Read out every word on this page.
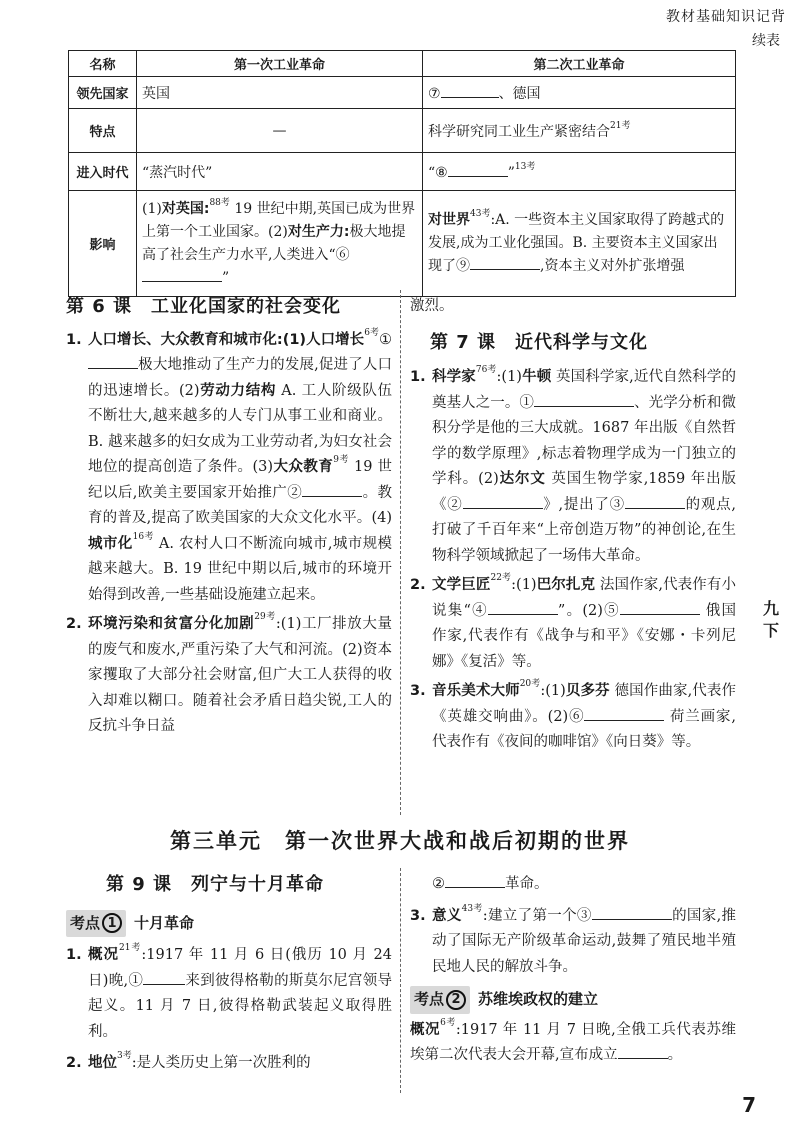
教材基础知识记背
续表
名称	第一次工业革命	第二次工业革命
领先国家	英国	⑦ 、德国
特点	—	科学研究同工业生产紧密结合$^{21考}$
进入时代	“蒸汽时代”	“⑧ ”$^{13考}$
影响	(1)对英国:$^{88考}$ 19 世纪中期,英国已成为世界上第一个工业国家。(2)对生产力:极大地提高了社会生产力水平,人类进入“⑥”	对世界$^{43考}$:A. 一些资本主义国家取得了跨越式的发展,成为工业化强国。B. 主要资本主义国家出现了⑨ ,资本主义对外扩张增强
第 6 课　工业化国家的社会变化
1. 人口增长、大众教育和城市化:(1)人口增长$^{6考}$①极大地推动了生产力的发展,促进了人口的迅速增长。(2)劳动力结构 A. 工人阶级队伍不断壮大,越来越多的人专门从事工业和商业。B. 越来越多的妇女成为工业劳动者,为妇女社会地位的提高创造了条件。(3)大众教育$^{9考}$ 19 世纪以后,欧美主要国家开始推广②	。教育的普及,提高了欧美国家的大众文化水平。(4)城市化$^{16考}$ A. 农村人口不断流向城市,城市规模越来越大。B. 19 世纪中期以后,城市的环境开始得到改善,一些基础设施建立起来。
2. 环境污染和贫富分化加剧$^{29考}$:(1)工厂排放大量的废气和废水,严重污染了大气和河流。(2)资本家攫取了大部分社会财富,但广大工人获得的收入却难以糊口。随着社会矛盾日趋尖锐,工人的反抗斗争日益
激烈。
第 7 课　近代科学与文化
1. 科学家$^{76考}$:(1)牛顿 英国科学家,近代自然科学的奠基人之一。①	、光学分析和微积分学是他的三大成就。1687 年出版《自然哲学的数学原理》,标志着物理学成为一门独立的学科。(2)达尔文 英国生物学家,1859 年出版《②	》,提出了③	的观点,打破了千百年来“上帝创造万物”的神创论,在生物科学领域掀起了一场伟大革命。
2. 文学巨匠$^{22考}$:(1)巴尔扎克 法国作家,代表作有小说集“④	”。(2)⑤	俄国作家,代表作有《战争与和平》《安娜・卡列尼娜》《复活》等。
3. 音乐美术大师$^{20考}$:(1)贝多芬 德国作曲家,代表作《英雄交响曲》。(2)⑥	荷兰画家,代表作有《夜间的咖啡馆》《向日葵》等。
九下
第三单元　第一次世界大战和战后初期的世界
第 9 课　列宁与十月革命
考点 1	十月革命
1. 概况$^{21考}$:1917 年 11 月 6 日(俄历 10 月 24 日)晚,①	来到彼得格勒的斯莫尔尼宫领导起义。11 月 7 日,彼得格勒武装起义取得胜利。
2. 地位$^{3考}$:是人类历史上第一次胜利的
②	革命。
3. 意义$^{43考}$:建立了第一个③	的国家,推动了国际无产阶级革命运动,鼓舞了殖民地半殖民地人民的解放斗争。
考点 2	苏维埃政权的建立
概况$^{6考}$:1917 年 11 月 7 日晚,全俄工兵代表苏维埃第二次代表大会开幕,宣布成立	。
7
